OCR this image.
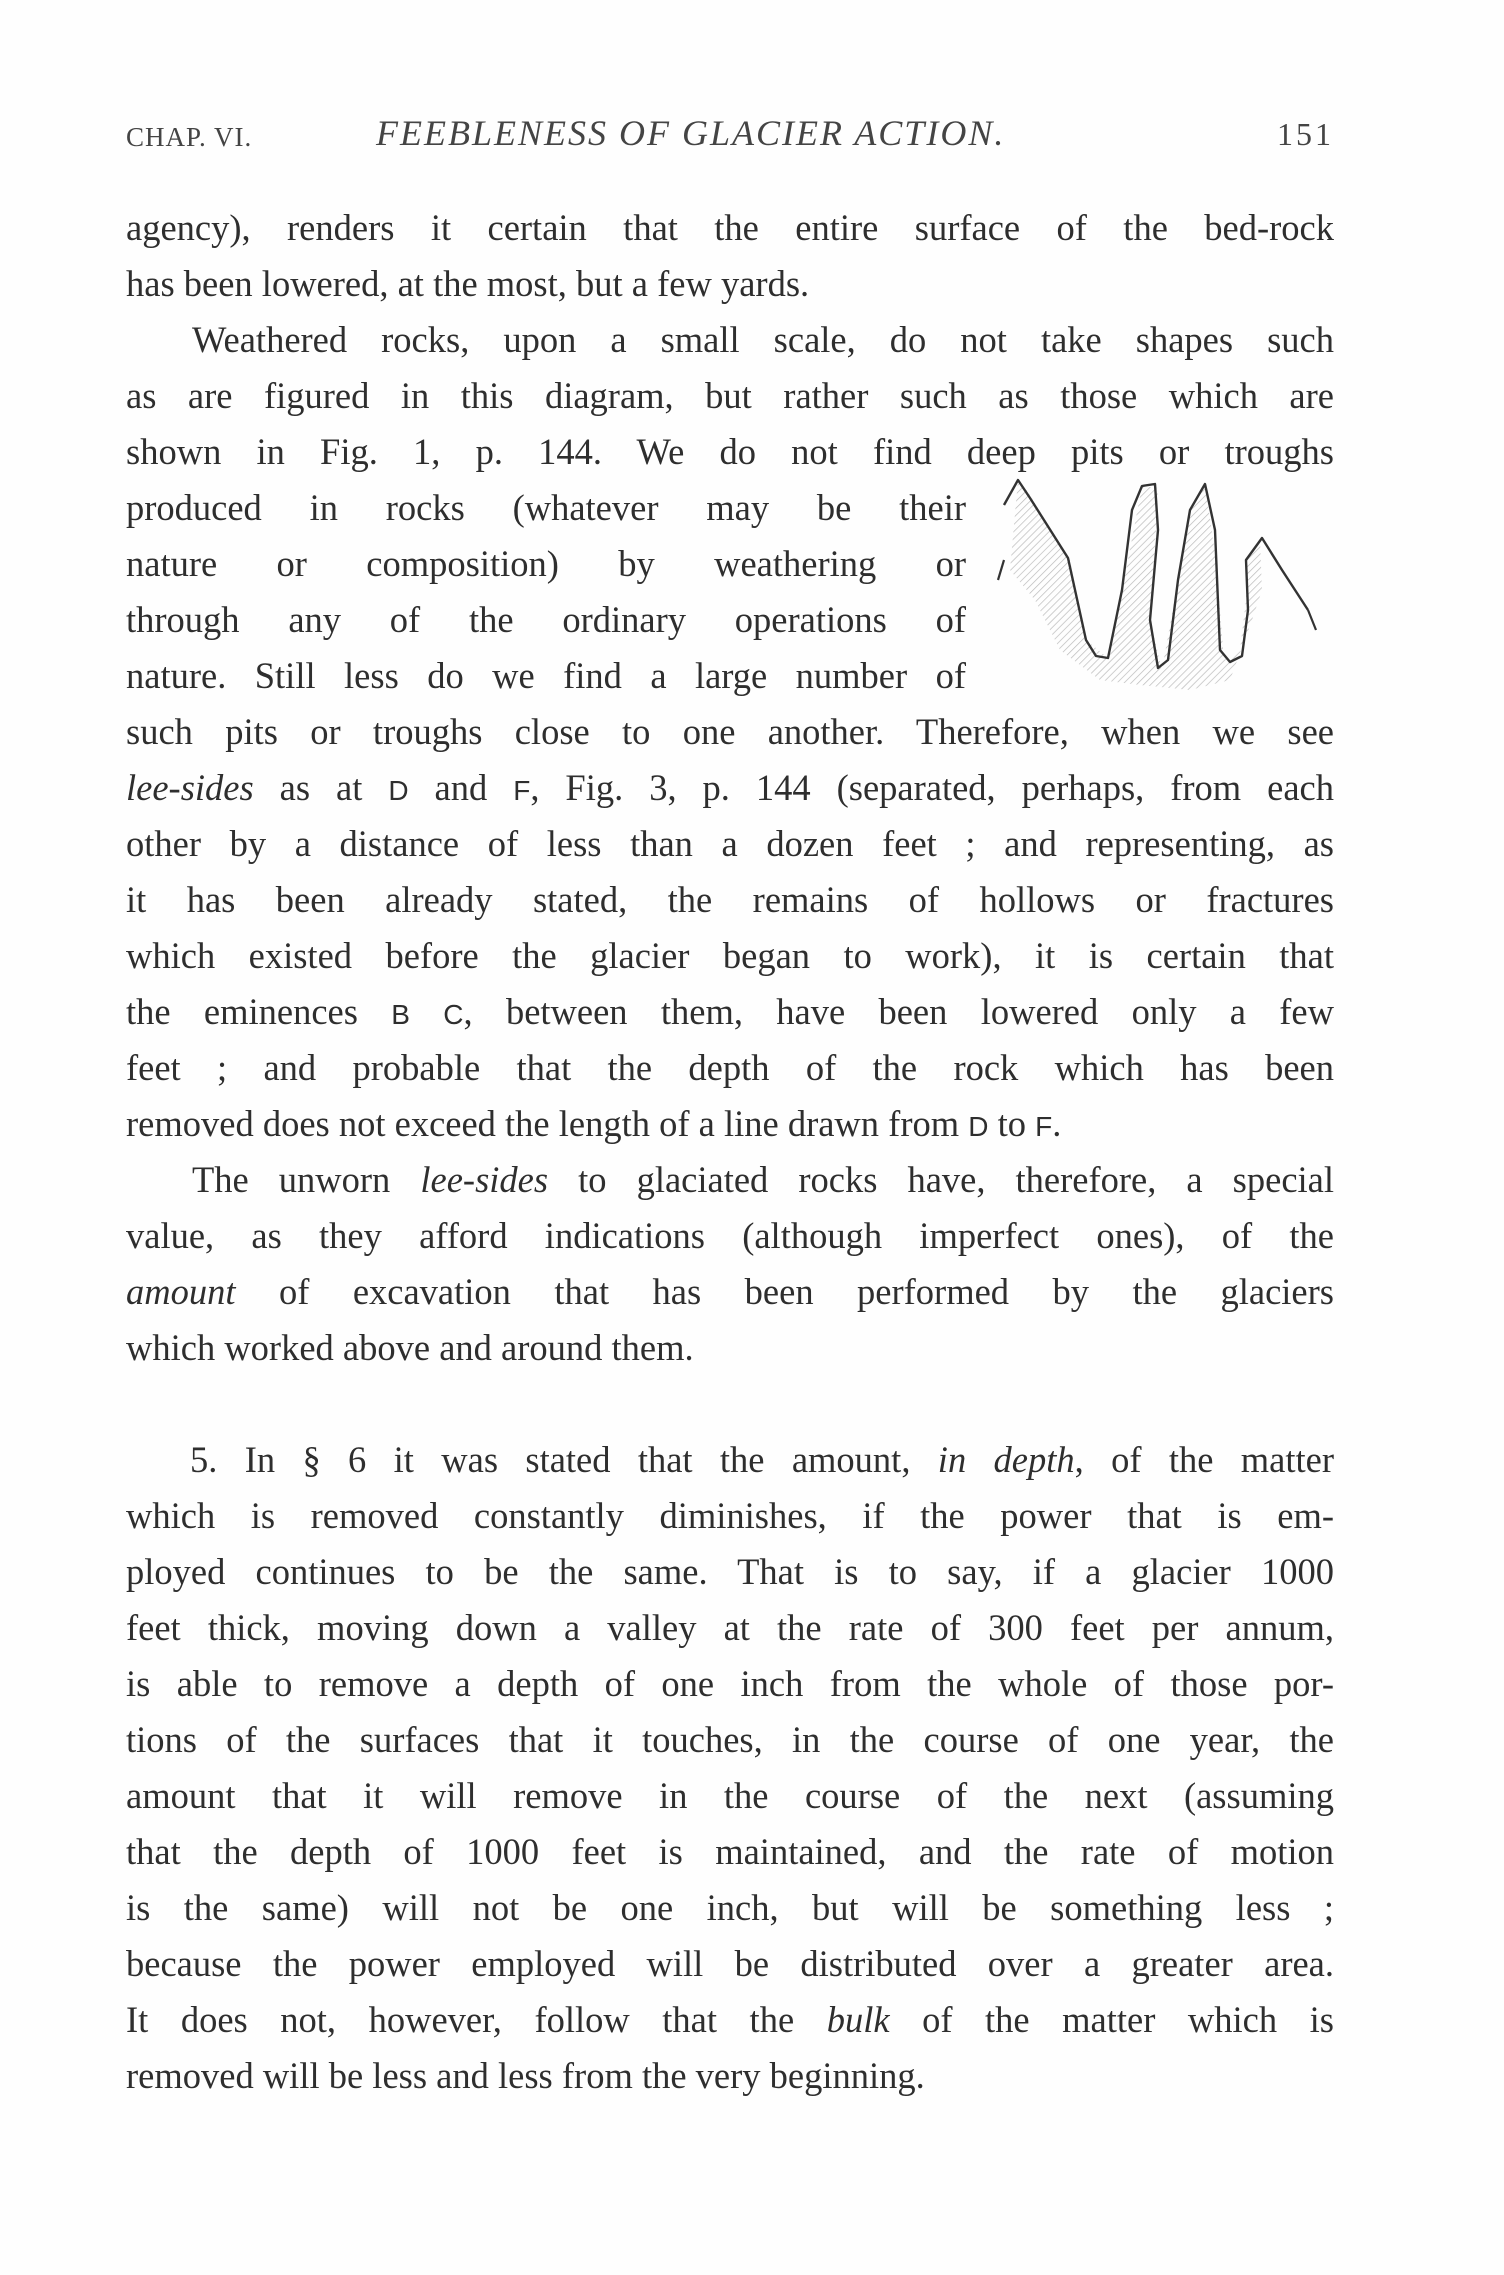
CHAP. VI.	FEEBLENESS OF GLACIER ACTION.	151
agency), renders it certain that the entire surface of the bed-rock
has been lowered, at the most, but a few yards.
Weathered rocks, upon a small scale, do not take shapes such
as are figured in this diagram, but rather such as those which are
shown in Fig. 1, p. 144. We do not find deep pits or troughs
produced in rocks (whatever may be their
nature or composition) by weathering or
through any of the ordinary operations of
nature. Still less do we find a large number of
such pits or troughs close to one another. Therefore, when we see
lee-sides as at D and F, Fig. 3, p. 144 (separated, perhaps, from each
other by a distance of less than a dozen feet ; and representing, as
it has been already stated, the remains of hollows or fractures
which existed before the glacier began to work), it is certain that
the eminences B C, between them, have been lowered only a few
feet ; and probable that the depth of the rock which has been
removed does not exceed the length of a line drawn from D to F.
The unworn lee-sides to glaciated rocks have, therefore, a special
value, as they afford indications (although imperfect ones), of the
amount of excavation that has been performed by the glaciers
which worked above and around them.
5. In § 6 it was stated that the amount, in depth, of the matter
which is removed constantly diminishes, if the power that is em-
ployed continues to be the same. That is to say, if a glacier 1000
feet thick, moving down a valley at the rate of 300 feet per annum,
is able to remove a depth of one inch from the whole of those por-
tions of the surfaces that it touches, in the course of one year, the
amount that it will remove in the course of the next (assuming
that the depth of 1000 feet is maintained, and the rate of motion
is the same) will not be one inch, but will be something less ;
because the power employed will be distributed over a greater area.
It does not, however, follow that the bulk of the matter which is
removed will be less and less from the very beginning.
